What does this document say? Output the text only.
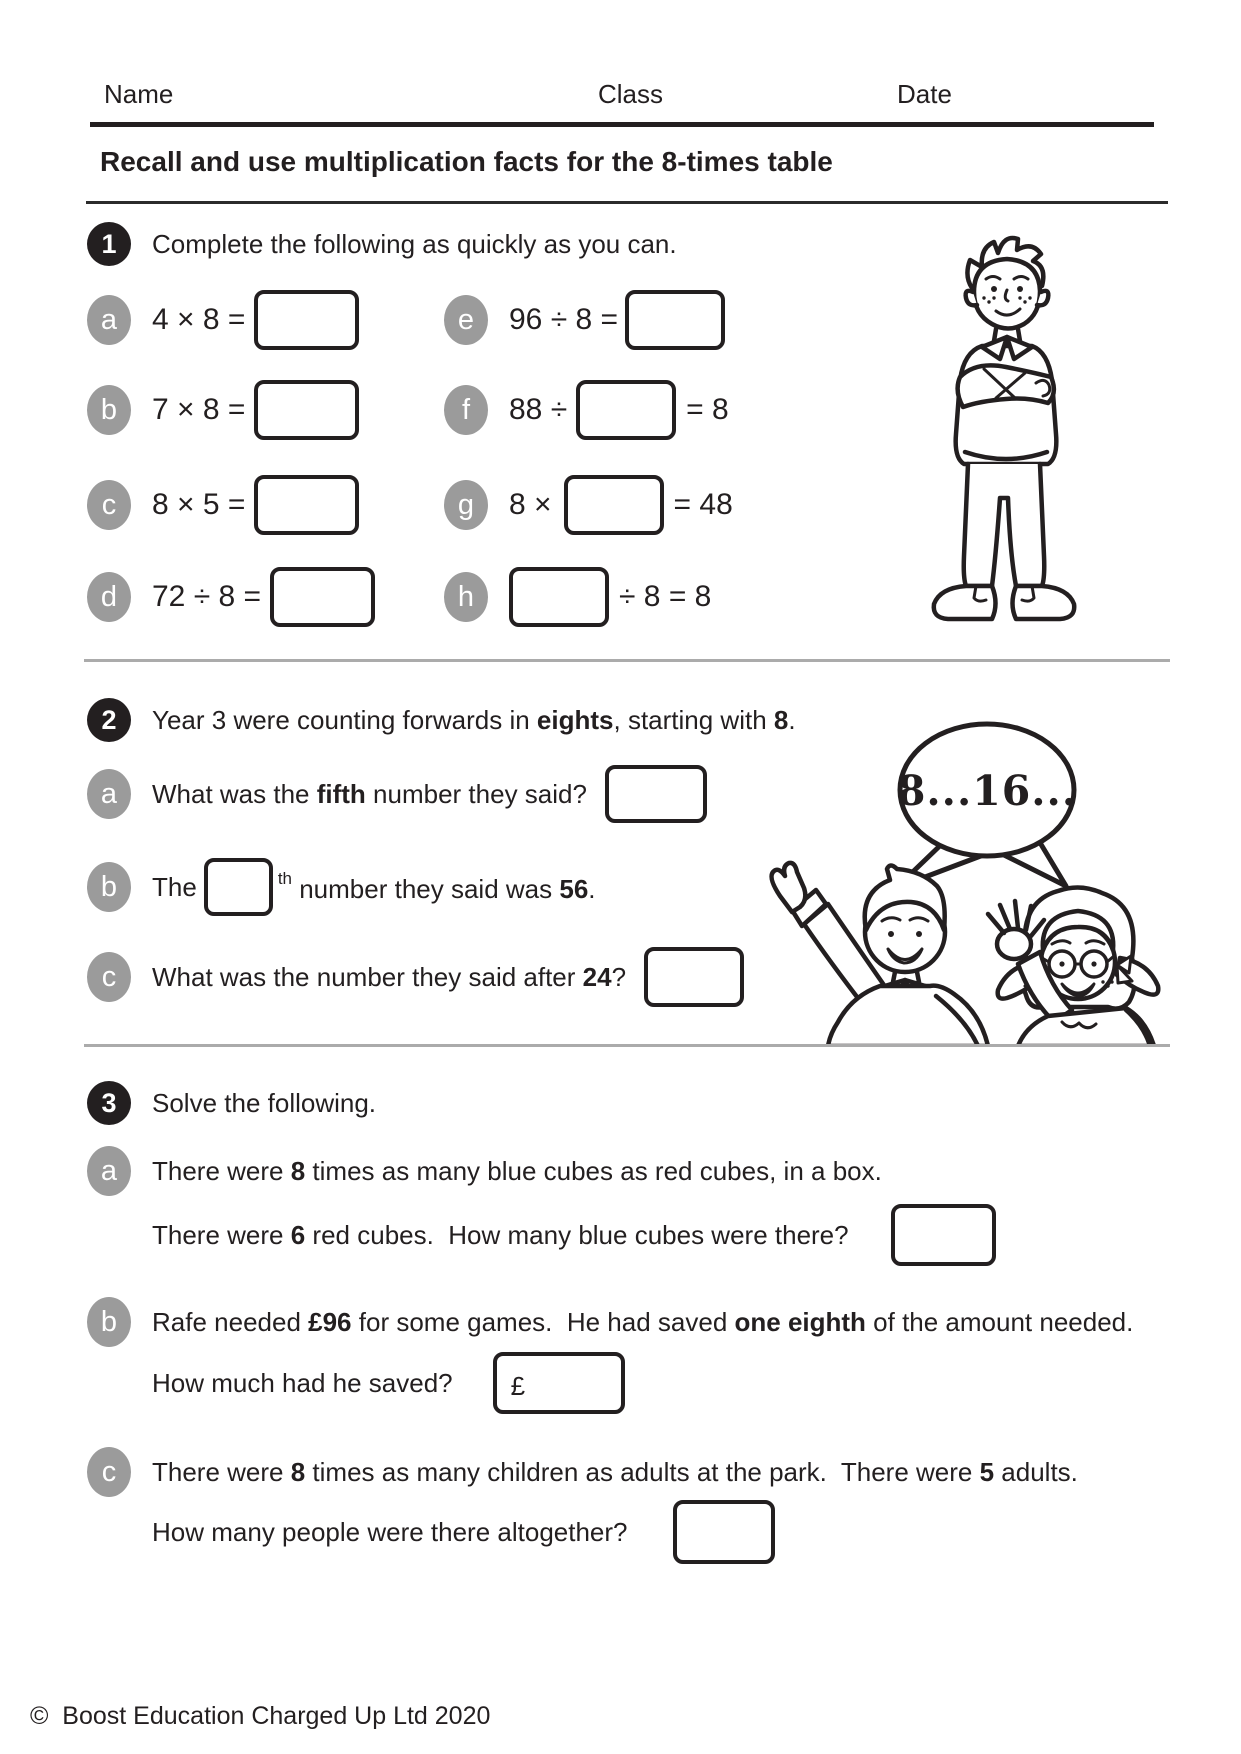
Name	Class	Date
Recall and use multiplication facts for the 8-times table
1	Complete the following as quickly as you can.
a	4 × 8 =
b	7 × 8 =
c	8 × 5 =
d	72 ÷ 8 =
e	96 ÷ 8 =
f	88 ÷	= 8
g	8 ×	= 48
h	÷ 8 = 8
2	Year 3 were counting forwards in eights, starting with 8.
a	What was the fifth number they said?
b	The	$^{th}$ number they said was 56.
c	What was the number they said after 24?
8...16...
3	Solve the following.
a	There were 8 times as many blue cubes as red cubes, in a box.
There were 6 red cubes.  How many blue cubes were there?
b	Rafe needed £96 for some games.  He had saved one eighth of the amount needed.
How much had he saved?	£
c	There were 8 times as many children as adults at the park.  There were 5 adults.
How many people were there altogether?
©  Boost Education Charged Up Ltd 2020
